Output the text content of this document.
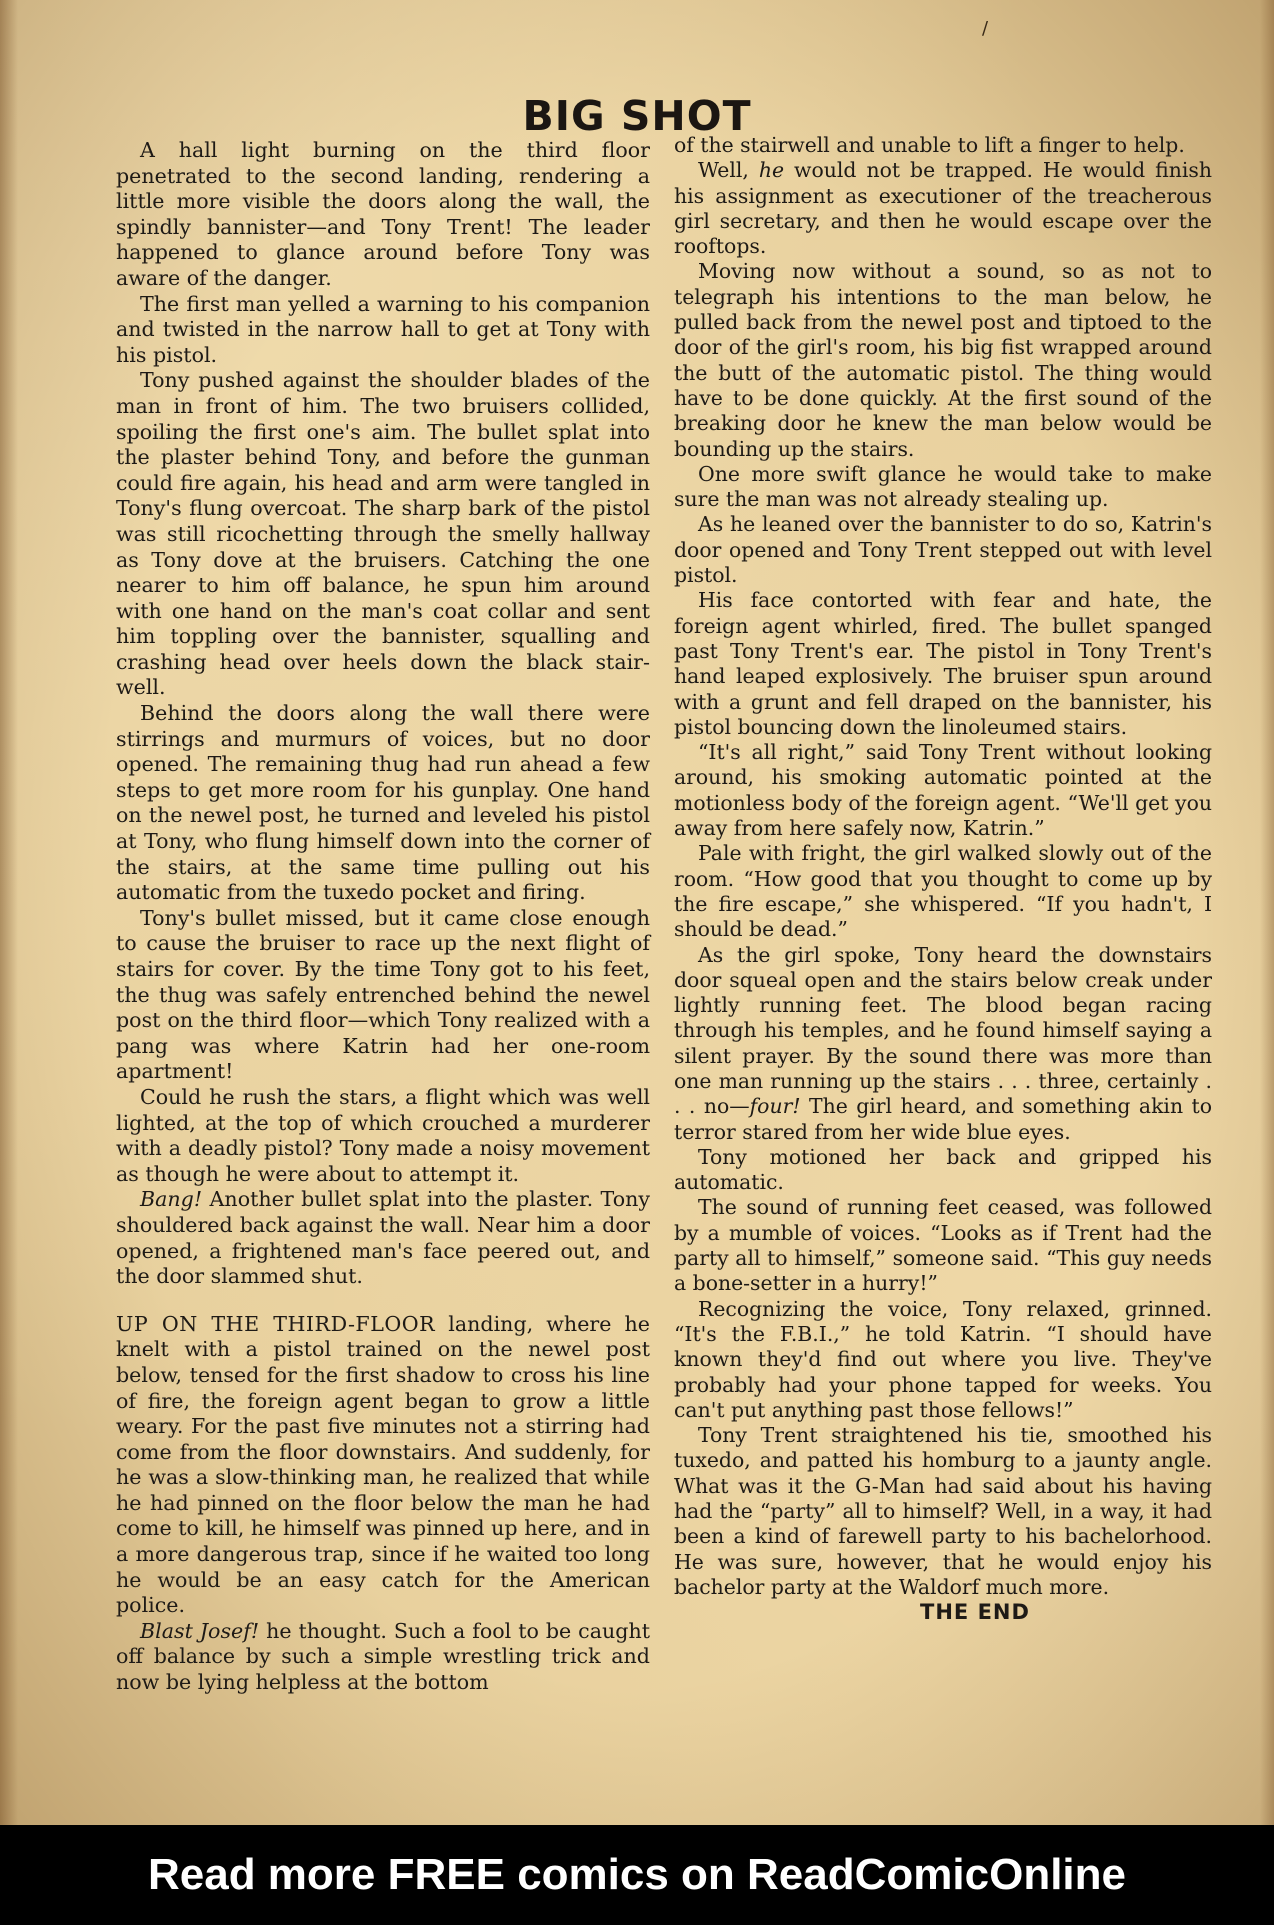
/
BIG SHOT

A hall light burning on the third floor penetrated to the second landing, rendering a little more visible the doors along the wall, the spindly bannister—and Tony Trent! The leader happened to glance around before Tony was aware of the danger.

The first man yelled a warning to his companion and twisted in the narrow hall to get at Tony with his pistol.

Tony pushed against the shoulder blades of the man in front of him. The two bruisers collided, spoiling the first one's aim. The bullet splat into the plaster behind Tony, and before the gunman could fire again, his head and arm were tangled in Tony's flung overcoat. The sharp bark of the pistol was still ricochetting through the smelly hallway as Tony dove at the bruisers. Catching the one nearer to him off balance, he spun him around with one hand on the man's coat collar and sent him toppling over the bannister, squalling and crashing head over heels down the black stair-well.

Behind the doors along the wall there were stirrings and murmurs of voices, but no door opened. The remaining thug had run ahead a few steps to get more room for his gunplay. One hand on the newel post, he turned and leveled his pistol at Tony, who flung himself down into the corner of the stairs, at the same time pulling out his automatic from the tuxedo pocket and firing.

Tony's bullet missed, but it came close enough to cause the bruiser to race up the next flight of stairs for cover. By the time Tony got to his feet, the thug was safely entrenched behind the newel post on the third floor—which Tony realized with a pang was where Katrin had her one-room apartment!

Could he rush the stars, a flight which was well lighted, at the top of which crouched a murderer with a deadly pistol? Tony made a noisy movement as though he were about to attempt it.

Bang! Another bullet splat into the plaster. Tony shouldered back against the wall. Near him a door opened, a frightened man's face peered out, and the door slammed shut.

UP ON THE THIRD-FLOOR landing, where he knelt with a pistol trained on the newel post below, tensed for the first shadow to cross his line of fire, the foreign agent began to grow a little weary. For the past five minutes not a stirring had come from the floor downstairs. And suddenly, for he was a slow-thinking man, he realized that while he had pinned on the floor below the man he had come to kill, he himself was pinned up here, and in a more dangerous trap, since if he waited too long he would be an easy catch for the American police.

Blast Josef! he thought. Such a fool to be caught off balance by such a simple wrestling trick and now be lying helpless at the bottom

of the stairwell and unable to lift a finger to help.

Well, he would not be trapped. He would finish his assignment as executioner of the treacherous girl secretary, and then he would escape over the rooftops.

Moving now without a sound, so as not to telegraph his intentions to the man below, he pulled back from the newel post and tiptoed to the door of the girl's room, his big fist wrapped around the butt of the automatic pistol. The thing would have to be done quickly. At the first sound of the breaking door he knew the man below would be bounding up the stairs.

One more swift glance he would take to make sure the man was not already stealing up.

As he leaned over the bannister to do so, Katrin's door opened and Tony Trent stepped out with level pistol.

His face contorted with fear and hate, the foreign agent whirled, fired. The bullet spanged past Tony Trent's ear. The pistol in Tony Trent's hand leaped explosively. The bruiser spun around with a grunt and fell draped on the bannister, his pistol bouncing down the linoleumed stairs.

“It's all right,” said Tony Trent without looking around, his smoking automatic pointed at the motionless body of the foreign agent. “We'll get you away from here safely now, Katrin.”

Pale with fright, the girl walked slowly out of the room. “How good that you thought to come up by the fire escape,” she whispered. “If you hadn't, I should be dead.”

As the girl spoke, Tony heard the downstairs door squeal open and the stairs below creak under lightly running feet. The blood began racing through his temples, and he found himself saying a silent prayer. By the sound there was more than one man running up the stairs . . . three, certainly . . . no—four! The girl heard, and something akin to terror stared from her wide blue eyes.

Tony motioned her back and gripped his automatic.

The sound of running feet ceased, was followed by a mumble of voices. “Looks as if Trent had the party all to himself,” someone said. “This guy needs a bone-setter in a hurry!”

Recognizing the voice, Tony relaxed, grinned. “It's the F.B.I.,” he told Katrin. “I should have known they'd find out where you live. They've probably had your phone tapped for weeks. You can't put anything past those fellows!”

Tony Trent straightened his tie, smoothed his tuxedo, and patted his homburg to a jaunty angle. What was it the G-Man had said about his having had the “party” all to himself? Well, in a way, it had been a kind of farewell party to his bachelorhood. He was sure, however, that he would enjoy his bachelor party at the Waldorf much more.

THE END

Read more FREE comics on ReadComicOnline
